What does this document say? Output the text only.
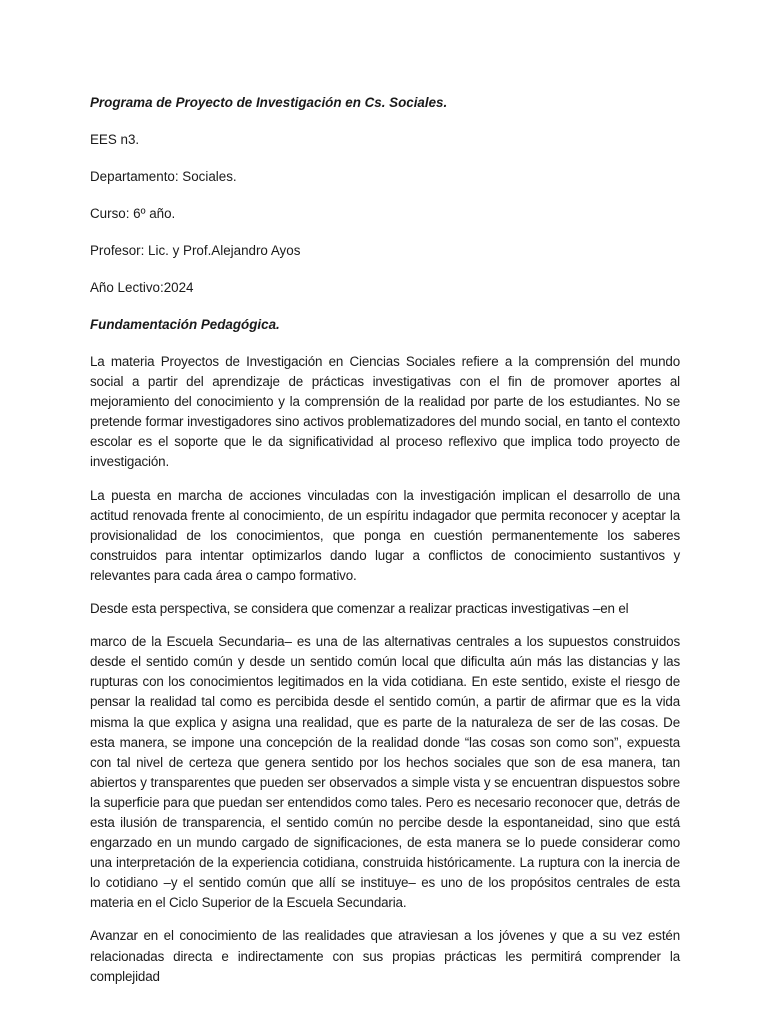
Programa de Proyecto de Investigación en Cs. Sociales.

EES n3.

Departamento: Sociales.

Curso: 6º año.

Profesor: Lic. y Prof.Alejandro Ayos

Año Lectivo:2024

Fundamentación Pedagógica.

La materia Proyectos de Investigación en Ciencias Sociales refiere a la comprensión del mundo social a partir del aprendizaje de prácticas investigativas con el fin de promover aportes al mejoramiento del conocimiento y la comprensión de la realidad por parte de los estudiantes. No se pretende formar investigadores sino activos problematizadores del mundo social, en tanto el contexto escolar es el soporte que le da significatividad al proceso reflexivo que implica todo proyecto de investigación.

La puesta en marcha de acciones vinculadas con la investigación implican el desarrollo de una actitud renovada frente al conocimiento, de un espíritu indagador que permita reconocer y aceptar la provisionalidad de los conocimientos, que ponga en cuestión permanentemente los saberes construidos para intentar optimizarlos dando lugar a conflictos de conocimiento sustantivos y relevantes para cada área o campo formativo.

Desde esta perspectiva, se considera que comenzar a realizar practicas investigativas –en el

marco de la Escuela Secundaria– es una de las alternativas centrales a los supuestos construidos desde el sentido común y desde un sentido común local que dificulta aún más las distancias y las rupturas con los conocimientos legitimados en la vida cotidiana. En este sentido, existe el riesgo de pensar la realidad tal como es percibida desde el sentido común, a partir de afirmar que es la vida misma la que explica y asigna una realidad, que es parte de la naturaleza de ser de las cosas. De esta manera, se impone una concepción de la realidad donde “las cosas son como son”, expuesta con tal nivel de certeza que genera sentido por los hechos sociales que son de esa manera, tan abiertos y transparentes que pueden ser observados a simple vista y se encuentran dispuestos sobre la superficie para que puedan ser entendidos como tales. Pero es necesario reconocer que, detrás de esta ilusión de transparencia, el sentido común no percibe desde la espontaneidad, sino que está engarzado en un mundo cargado de significaciones, de esta manera se lo puede considerar como una interpretación de la experiencia cotidiana, construida históricamente. La ruptura con la inercia de lo cotidiano –y el sentido común que allí se instituye– es uno de los propósitos centrales de esta materia en el Ciclo Superior de la Escuela Secundaria.

Avanzar en el conocimiento de las realidades que atraviesan a los jóvenes y que a su vez estén relacionadas directa e indirectamente con sus propias prácticas les permitirá comprender la complejidad
